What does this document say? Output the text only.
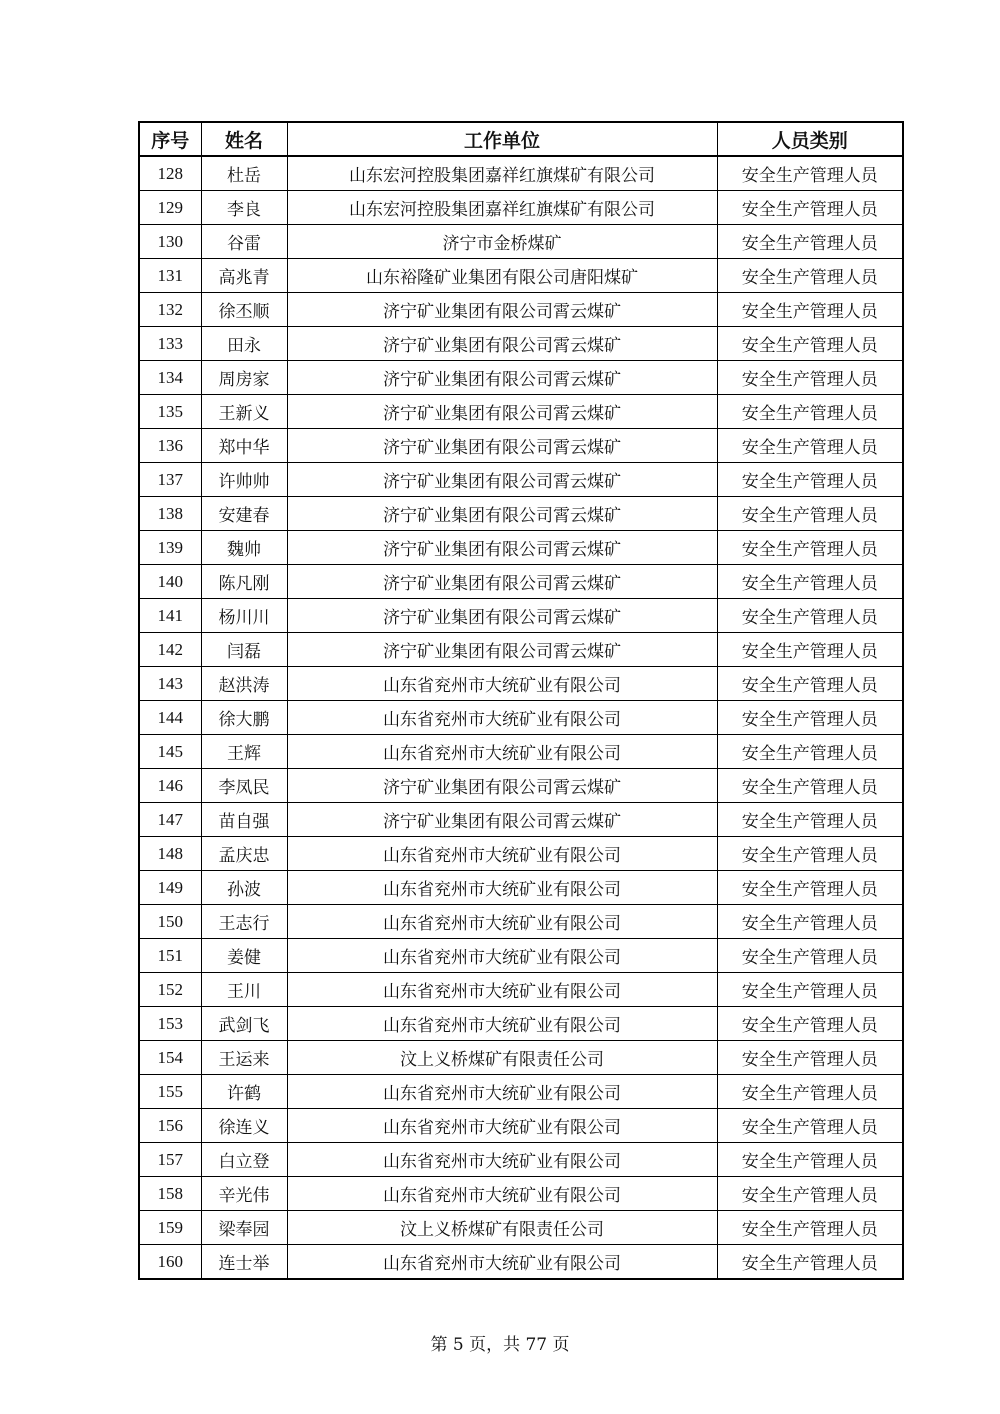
序号	姓名	工作单位	人员类别
128	杜岳	山东宏河控股集团嘉祥红旗煤矿有限公司	安全生产管理人员
129	李良	山东宏河控股集团嘉祥红旗煤矿有限公司	安全生产管理人员
130	谷雷	济宁市金桥煤矿	安全生产管理人员
131	高兆青	山东裕隆矿业集团有限公司唐阳煤矿	安全生产管理人员
132	徐丕顺	济宁矿业集团有限公司霄云煤矿	安全生产管理人员
133	田永	济宁矿业集团有限公司霄云煤矿	安全生产管理人员
134	周房家	济宁矿业集团有限公司霄云煤矿	安全生产管理人员
135	王新义	济宁矿业集团有限公司霄云煤矿	安全生产管理人员
136	郑中华	济宁矿业集团有限公司霄云煤矿	安全生产管理人员
137	许帅帅	济宁矿业集团有限公司霄云煤矿	安全生产管理人员
138	安建春	济宁矿业集团有限公司霄云煤矿	安全生产管理人员
139	魏帅	济宁矿业集团有限公司霄云煤矿	安全生产管理人员
140	陈凡刚	济宁矿业集团有限公司霄云煤矿	安全生产管理人员
141	杨川川	济宁矿业集团有限公司霄云煤矿	安全生产管理人员
142	闫磊	济宁矿业集团有限公司霄云煤矿	安全生产管理人员
143	赵洪涛	山东省兖州市大统矿业有限公司	安全生产管理人员
144	徐大鹏	山东省兖州市大统矿业有限公司	安全生产管理人员
145	王辉	山东省兖州市大统矿业有限公司	安全生产管理人员
146	李凤民	济宁矿业集团有限公司霄云煤矿	安全生产管理人员
147	苗自强	济宁矿业集团有限公司霄云煤矿	安全生产管理人员
148	孟庆忠	山东省兖州市大统矿业有限公司	安全生产管理人员
149	孙波	山东省兖州市大统矿业有限公司	安全生产管理人员
150	王志行	山东省兖州市大统矿业有限公司	安全生产管理人员
151	姜健	山东省兖州市大统矿业有限公司	安全生产管理人员
152	王川	山东省兖州市大统矿业有限公司	安全生产管理人员
153	武剑飞	山东省兖州市大统矿业有限公司	安全生产管理人员
154	王运来	汶上义桥煤矿有限责任公司	安全生产管理人员
155	许鹤	山东省兖州市大统矿业有限公司	安全生产管理人员
156	徐连义	山东省兖州市大统矿业有限公司	安全生产管理人员
157	白立登	山东省兖州市大统矿业有限公司	安全生产管理人员
158	辛光伟	山东省兖州市大统矿业有限公司	安全生产管理人员
159	梁奉园	汶上义桥煤矿有限责任公司	安全生产管理人员
160	连士举	山东省兖州市大统矿业有限公司	安全生产管理人员
第 5 页，共 77 页
